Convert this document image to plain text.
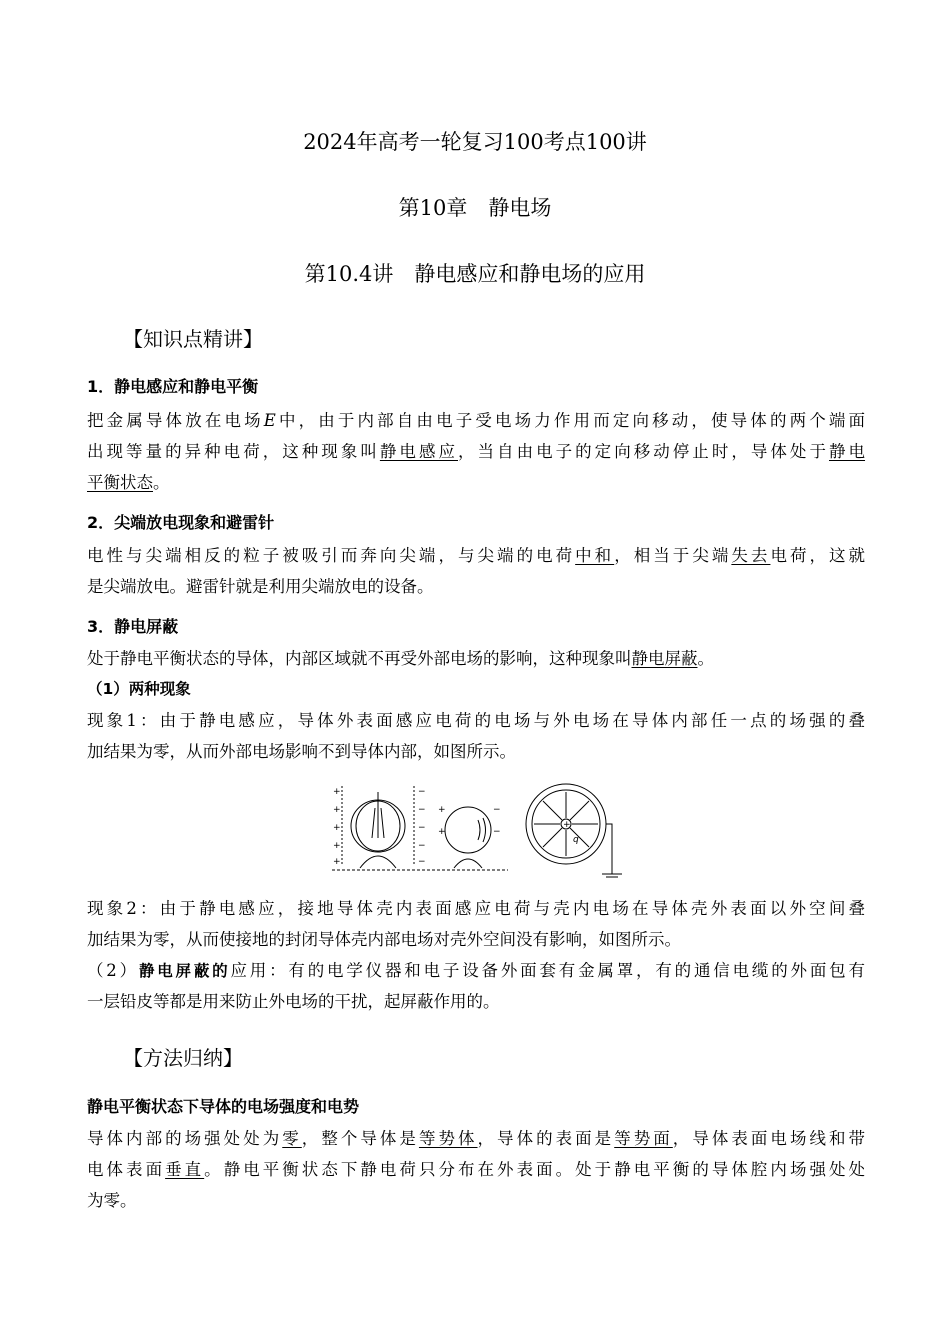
2024年高考一轮复习100考点100讲
第10章　静电场
第10.4讲　静电感应和静电场的应用
【知识点精讲】
1．静电感应和静电平衡
把金属导体放在电场E中，由于内部自由电子受电场力作用而定向移动，使导体的两个端面
出现等量的异种电荷，这种现象叫静电感应，当自由电子的定向移动停止时，导体处于静电
平衡状态。
2．尖端放电现象和避雷针
电性与尖端相反的粒子被吸引而奔向尖端，与尖端的电荷中和，相当于尖端失去电荷，这就
是尖端放电。避雷针就是利用尖端放电的设备。
3．静电屏蔽
处于静电平衡状态的导体，内部区域就不再受外部电场的影响，这种现象叫静电屏蔽。
（1）两种现象
现象1：由于静电感应，导体外表面感应电荷的电场与外电场在导体内部任一点的场强的叠
加结果为零，从而外部电场影响不到导体内部，如图所示。
+
+
+
+
+
−
−
−
−
−
+
+
−
−
+
q
现象2：由于静电感应，接地导体壳内表面感应电荷与壳内电场在导体壳外表面以外空间叠
加结果为零，从而使接地的封闭导体壳内部电场对壳外空间没有影响，如图所示。
（2）静电屏蔽的应用：有的电学仪器和电子设备外面套有金属罩，有的通信电缆的外面包有
一层铅皮等都是用来防止外电场的干扰，起屏蔽作用的。
【方法归纳】
静电平衡状态下导体的电场强度和电势
导体内部的场强处处为零，整个导体是等势体，导体的表面是等势面，导体表面电场线和带
电体表面垂直。静电平衡状态下静电荷只分布在外表面。处于静电平衡的导体腔内场强处处
为零。
